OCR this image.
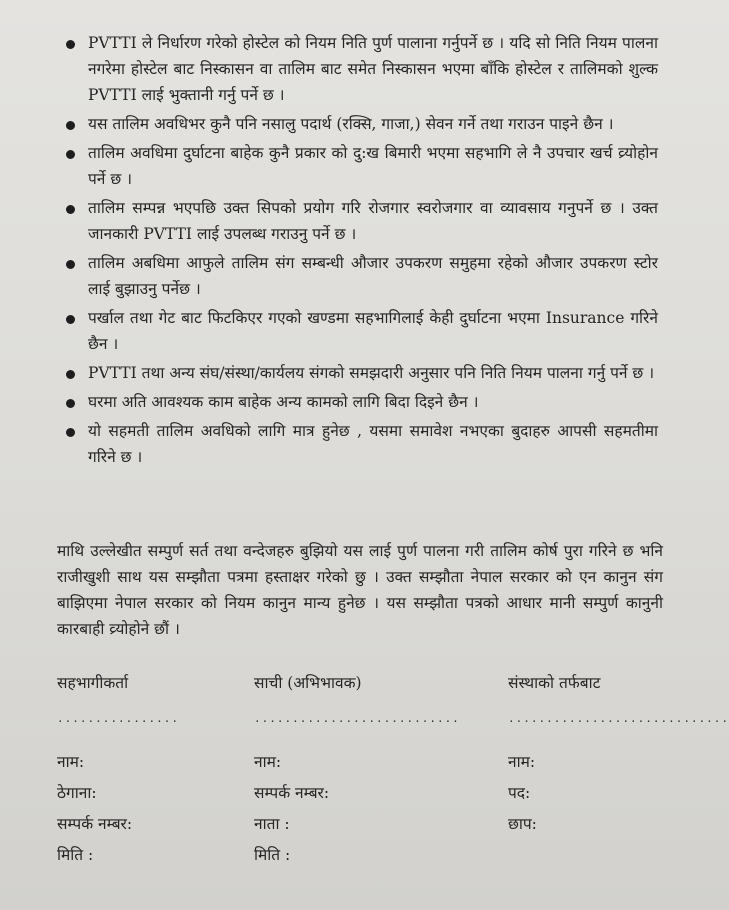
PVTTI ले निर्धारण गरेको होस्टेल को नियम निति पुर्ण पालाना गर्नुपर्ने छ । यदि सो निति नियम पालना नगरेमा होस्टेल बाट निस्कासन वा तालिम बाट समेत निस्कासन भएमा बाँकि होस्टेल र तालिमको शुल्क PVTTI लाई भुक्तानी गर्नु पर्ने छ ।
यस तालिम अवधिभर कुनै पनि नसालु पदार्थ (रक्सि, गाजा,) सेवन गर्ने तथा गराउन पाइने छैन ।
तालिम अवधिमा दुर्घाटना बाहेक कुनै प्रकार को दु:ख बिमारी भएमा सहभागि ले नै उपचार खर्च व्र्योहोन पर्ने छ ।
तालिम सम्पन्न भएपछि उक्त सिपको प्रयोग गरि रोजगार स्वरोजगार वा व्यावसाय गनुपर्ने छ । उक्त जानकारी PVTTI लाई उपलब्ध गराउनु पर्ने छ ।
तालिम अबधिमा आफुले तालिम संग सम्बन्धी औजार उपकरण समुहमा रहेको औजार उपकरण स्टोर लाई बुझाउनु पर्नेछ ।
पर्खाल तथा गेट बाट फिटकिएर गएको खण्डमा सहभागिलाई केही दुर्घाटना भएमा Insurance गरिने छैन ।
PVTTI तथा अन्य संघ/संस्था/कार्यलय संगको समझदारी अनुसार पनि निति नियम पालना गर्नु पर्ने छ ।
घरमा अति आवश्यक काम बाहेक अन्य कामको लागि बिदा दिइने छैन ।
यो सहमती तालिम अवधिको लागि मात्र हुनेछ , यसमा समावेश नभएका बुदाहरु आपसी सहमतीमा गरिने छ ।
माथि उल्लेखीत सम्पुर्ण सर्त तथा वन्देजहरु बुझियो यस लाई पुर्ण पालना गरी तालिम कोर्ष पुरा गरिने छ भनि राजीखुशी साथ यस सम्झौता पत्रमा हस्ताक्षर गरेको छु । उक्त सम्झौता नेपाल सरकार को एन कानुन संग बाझिएमा नेपाल सरकार को नियम कानुन मान्य हुनेछ । यस सम्झौता पत्रको आधार मानी सम्पुर्ण कानुनी कारबाही व्र्योहोने छौं ।
सहभागीकर्ता
................
नाम:
ठेगाना:
सम्पर्क नम्बर:
मिति :
साची (अभिभावक)
...........................
नाम:
सम्पर्क नम्बर:
नाता :
मिति :
संस्थाको तर्फबाट
.............................
नाम:
पद:
छाप:
